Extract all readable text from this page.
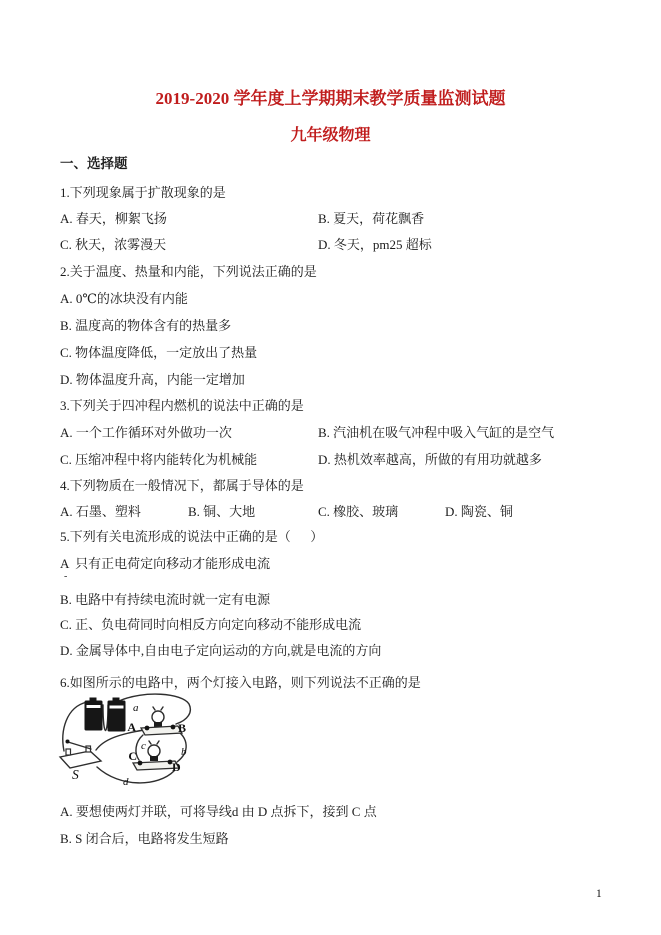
2019-2020 学年度上学期期末教学质量监测试题
九年级物理
一、选择题
1.下列现象属于扩散现象的是
A. 春天，柳絮飞扬	B. 夏天，荷花飘香
C. 秋天，浓雾漫天	D. 冬天，pm25 超标
2.关于温度、热量和内能，下列说法正确的是
A. 0℃的冰块没有内能
B. 温度高的物体含有的热量多
C. 物体温度降低，一定放出了热量
D. 物体温度升高，内能一定增加
3.下列关于四冲程内燃机的说法中正确的是
A. 一个工作循环对外做功一次	B. 汽油机在吸气冲程中吸入气缸的是空气
C. 压缩冲程中将内能转化为机械能	D. 热机效率越高，所做的有用功就越多
4.下列物质在一般情况下，都属于导体的是
A. 石墨、塑料	B. 铜、大地	C. 橡胶、玻璃	D. 陶瓷、铜
5.下列有关电流形成的说法中正确的是（      ）
A  只有正电荷定向移动才能形成电流
-
B. 电路中有持续电流时就一定有电源
C. 正、负电荷同时向相反方向定向移动不能形成电流
D. 金属导体中,自由电子定向运动的方向,就是电流的方向
6.如图所示的电路中，两个灯接入电路，则下列说法不正确的是
a
A	B
c	b
C
D
S	d
A. 要想使两灯并联，可将导线d 由 D 点拆下，接到 C 点
B. S 闭合后，电路将发生短路
1
